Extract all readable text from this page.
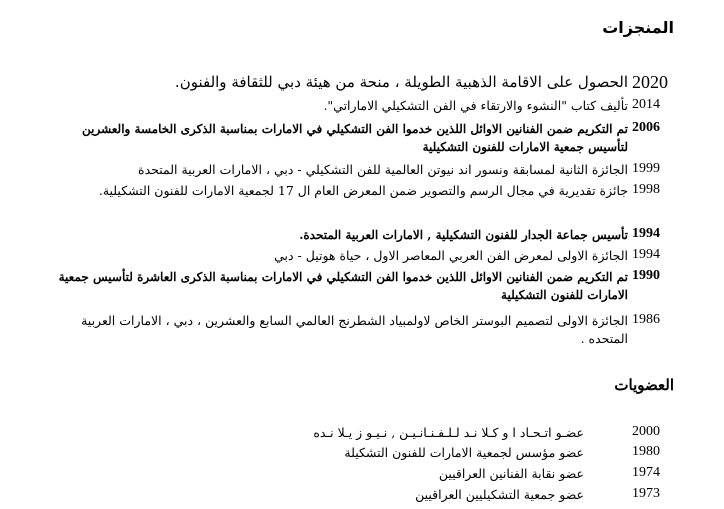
المنجزات
2020
الحصول على الاقامة الذهبية الطويلة ، منحة من هيئة دبي للثقافة والفنون.
2014
تأليف كتاب "النشوء والارتقاء في الفن التشكيلي الاماراتي".
2006
تم التكريم ضمن الفنانين الاوائل اللذين خدموا الفن التشكيلي في الامارات بمناسبة الذكرى الخامسة والعشرين لتأسيس جمعية الامارات للفنون التشكيلية
1999
الجائزة الثانية لمسابقة ونسور اند نيوتن العالمية للفن التشكيلي - دبي ، الامارات العربية المتحدة
1998
جائزة تقديرية في مجال الرسم والتصوير ضمن المعرض العام ال 17 لجمعية الامارات للفنون التشكيلية.
1994
تأسيس جماعة الجدار للفنون التشكيلية , الامارات العربية المتحدة.
1994
الجائزة الاولى لمعرض الفن العربي المعاصر الاول ، حياة هوتيل - دبي
1990
تم التكريم ضمن الفنانين الاوائل اللذين خدموا الفن التشكيلي في الامارات بمناسبة الذكرى العاشرة لتأسيس جمعية الامارات للفنون التشكيلية
1986
الجائزة الاولى لتصميم البوستر الخاص لاولمبياد الشطرنج العالمي السابع والعشرين ، دبي ، الامارات العربية المتحده .
العضويات
2000
عضـو اتـحـاد ا و كـلا نـد لـلـفـنـانـيـن , نـيـو ز يـلا نـده
1980
عضو مؤسس لجمعية الامارات للفنون التشكيلة
1974
عضو نقابة الفنانين العراقيين
1973
عضو جمعية التشكيليين العراقيين
